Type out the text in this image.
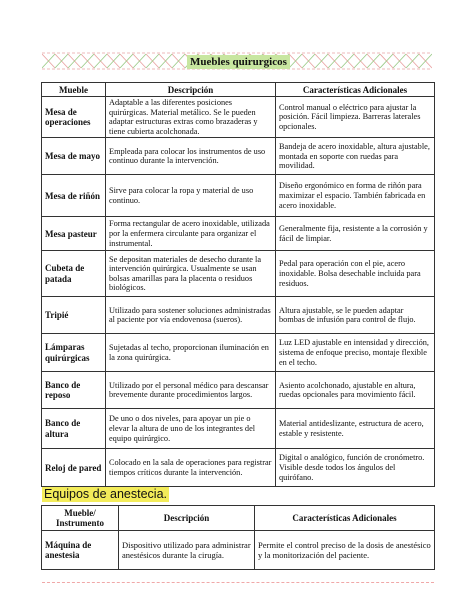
Muebles quirurgicos
Mueble	Descripción	Características Adicionales
Mesa de operaciones	Adaptable a las diferentes posiciones quirúrgicas. Material metálico. Se le pueden adaptar estructuras extras como brazaderas y tiene cubierta acolchonada.	Control manual o eléctrico para ajustar la posición. Fácil limpieza. Barreras laterales opcionales.
Mesa de mayo	Empleada para colocar los instrumentos de uso continuo durante la intervención.	Bandeja de acero inoxidable, altura ajustable, montada en soporte con ruedas para movilidad.
Mesa de riñón	Sirve para colocar la ropa y material de uso continuo.	Diseño ergonómico en forma de riñón para maximizar el espacio. También fabricada en acero inoxidable.
Mesa pasteur	Forma rectangular de acero inoxidable, utilizada por la enfermera circulante para organizar el instrumental.	Generalmente fija, resistente a la corrosión y fácil de limpiar.
Cubeta de patada	Se depositan materiales de desecho durante la intervención quirúrgica. Usualmente se usan bolsas amarillas para la placenta o residuos biológicos.	Pedal para operación con el pie, acero inoxidable. Bolsa desechable incluida para residuos.
Tripié	Utilizado para sostener soluciones administradas al paciente por vía endovenosa (sueros).	Altura ajustable, se le pueden adaptar bombas de infusión para control de flujo.
Lámparas quirúrgicas	Sujetadas al techo, proporcionan iluminación en la zona quirúrgica.	Luz LED ajustable en intensidad y dirección, sistema de enfoque preciso, montaje flexible en el techo.
Banco de reposo	Utilizado por el personal médico para descansar brevemente durante procedimientos largos.	Asiento acolchonado, ajustable en altura, ruedas opcionales para movimiento fácil.
Banco de altura	De uno o dos niveles, para apoyar un pie o elevar la altura de uno de los integrantes del equipo quirúrgico.	Material antideslizante, estructura de acero, estable y resistente.
Reloj de pared	Colocado en la sala de operaciones para registrar tiempos críticos durante la intervención.	Digital o analógico, función de cronómetro. Visible desde todos los ángulos del quirófano.
Equipos de anestecia.
Mueble/ Instrumento	Descripción	Características Adicionales
Máquina de anestesia	Dispositivo utilizado para administrar anestésicos durante la cirugía.	Permite el control preciso de la dosis de anestésico y la monitorización del paciente.
